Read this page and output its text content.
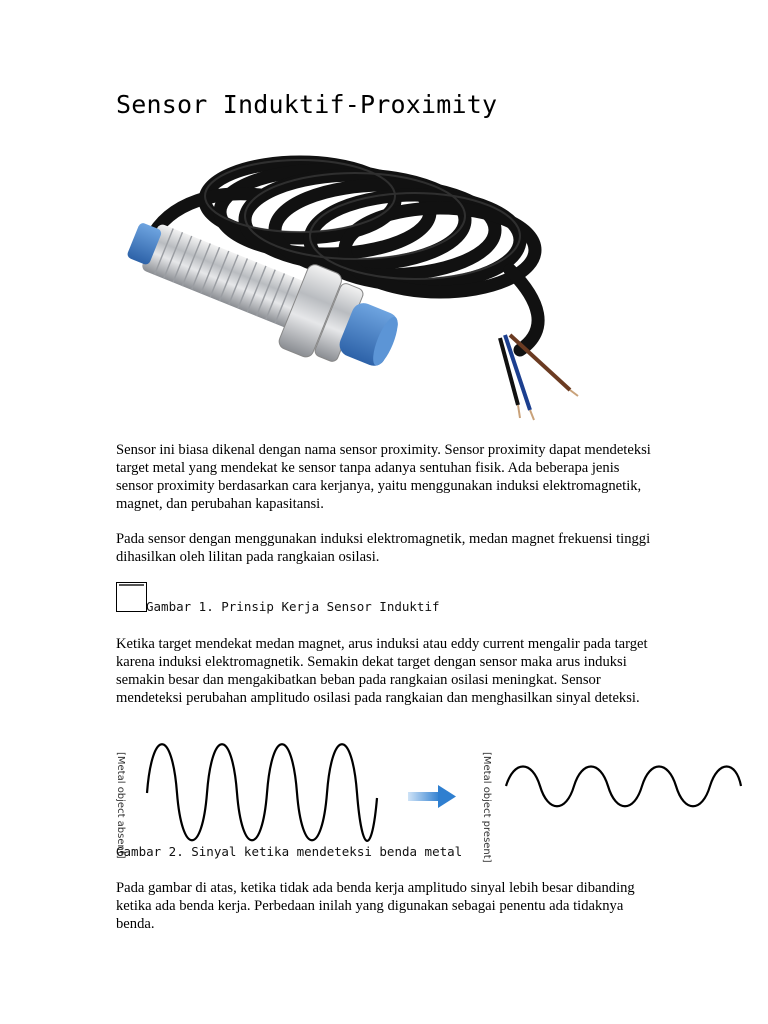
Sensor Induktif-Proximity

Sensor ini biasa dikenal dengan nama sensor proximity. Sensor proximity dapat mendeteksi target metal yang mendekat ke sensor tanpa adanya sentuhan fisik. Ada beberapa jenis sensor proximity berdasarkan cara kerjanya, yaitu menggunakan induksi elektromagnetik, magnet, dan perubahan kapasitansi.

Pada sensor dengan menggunakan induksi elektromagnetik, medan magnet frekuensi tinggi dihasilkan oleh lilitan pada rangkaian osilasi.

Gambar 1. Prinsip Kerja Sensor Induktif

Ketika target mendekat medan magnet, arus induksi atau eddy current mengalir pada target karena induksi elektromagnetik. Semakin dekat target dengan sensor maka arus induksi semakin besar dan mengakibatkan beban pada rangkaian osilasi meningkat. Sensor mendeteksi perubahan amplitudo osilasi pada rangkaian dan menghasilkan sinyal deteksi.

[Metal object absent]	[Metal object present]

Gambar 2. Sinyal ketika mendeteksi benda metal

Pada gambar di atas, ketika tidak ada benda kerja amplitudo sinyal lebih besar dibanding ketika ada benda kerja. Perbedaan inilah yang digunakan sebagai penentu ada tidaknya benda.
